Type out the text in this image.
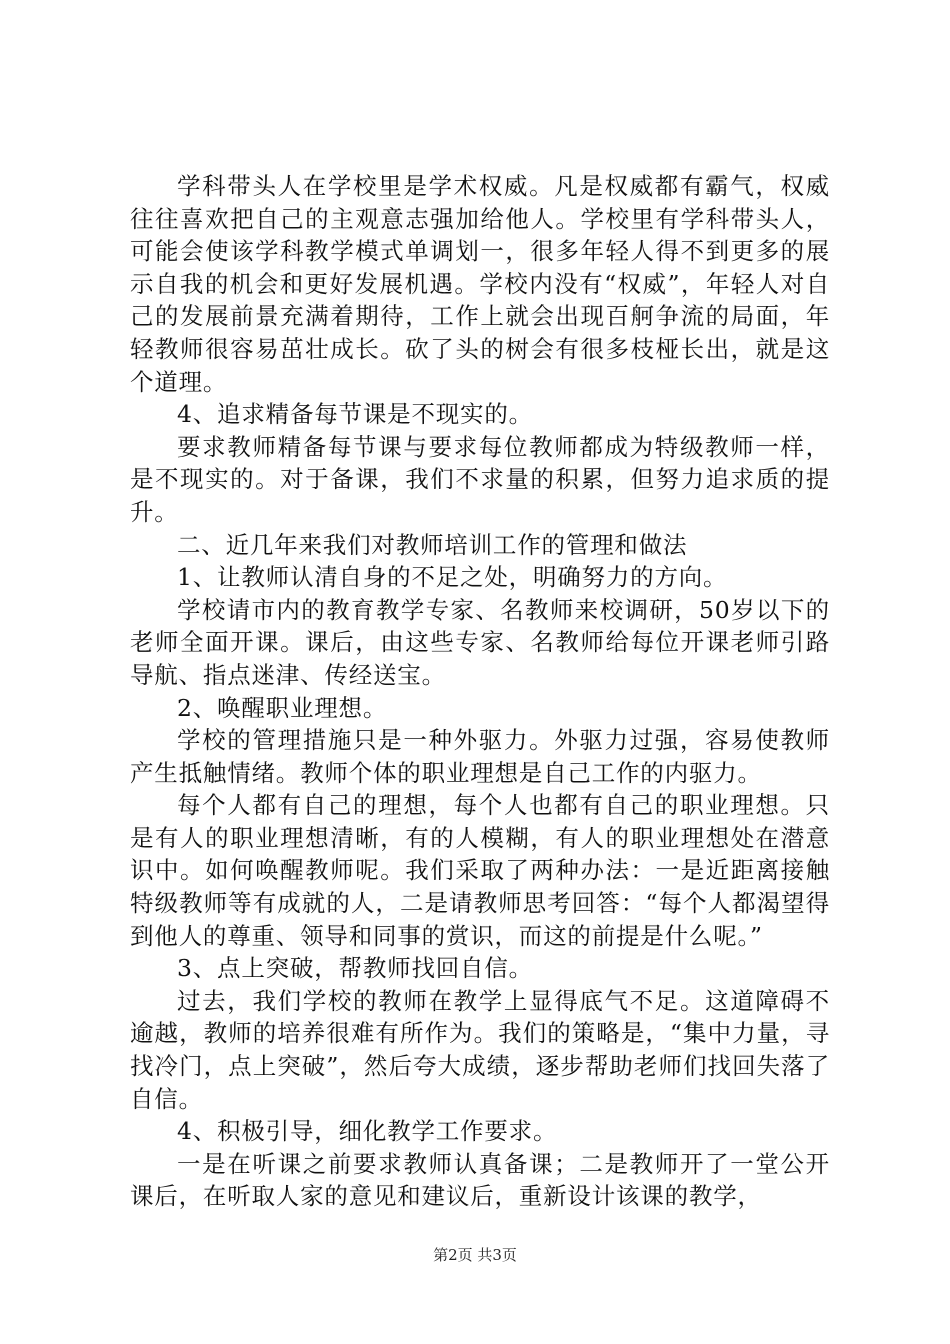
学科带头人在学校里是学术权威。凡是权威都有霸气，权威往往喜欢把自己的主观意志强加给他人。学校里有学科带头人，可能会使该学科教学模式单调划一，很多年轻人得不到更多的展示自我的机会和更好发展机遇。学校内没有“权威”，年轻人对自己的发展前景充满着期待，工作上就会出现百舸争流的局面，年轻教师很容易茁壮成长。砍了头的树会有很多枝桠长出，就是这个道理。

4、追求精备每节课是不现实的。

要求教师精备每节课与要求每位教师都成为特级教师一样，是不现实的。对于备课，我们不求量的积累，但努力追求质的提升。

二、近几年来我们对教师培训工作的管理和做法

1、让教师认清自身的不足之处，明确努力的方向。

学校请市内的教育教学专家、名教师来校调研，50岁以下的老师全面开课。课后，由这些专家、名教师给每位开课老师引路导航、指点迷津、传经送宝。

2、唤醒职业理想。

学校的管理措施只是一种外驱力。外驱力过强，容易使教师产生抵触情绪。教师个体的职业理想是自己工作的内驱力。

每个人都有自己的理想，每个人也都有自己的职业理想。只是有人的职业理想清晰，有的人模糊，有人的职业理想处在潜意识中。如何唤醒教师呢。我们采取了两种办法：一是近距离接触特级教师等有成就的人，二是请教师思考回答：“每个人都渴望得到他人的尊重、领导和同事的赏识，而这的前提是什么呢。”

3、点上突破，帮教师找回自信。

过去，我们学校的教师在教学上显得底气不足。这道障碍不逾越，教师的培养很难有所作为。我们的策略是，“集中力量，寻找冷门，点上突破”，然后夸大成绩，逐步帮助老师们找回失落了自信。

4、积极引导，细化教学工作要求。

一是在听课之前要求教师认真备课；二是教师开了一堂公开课后，在听取人家的意见和建议后，重新设计该课的教学，

第2页 共3页
